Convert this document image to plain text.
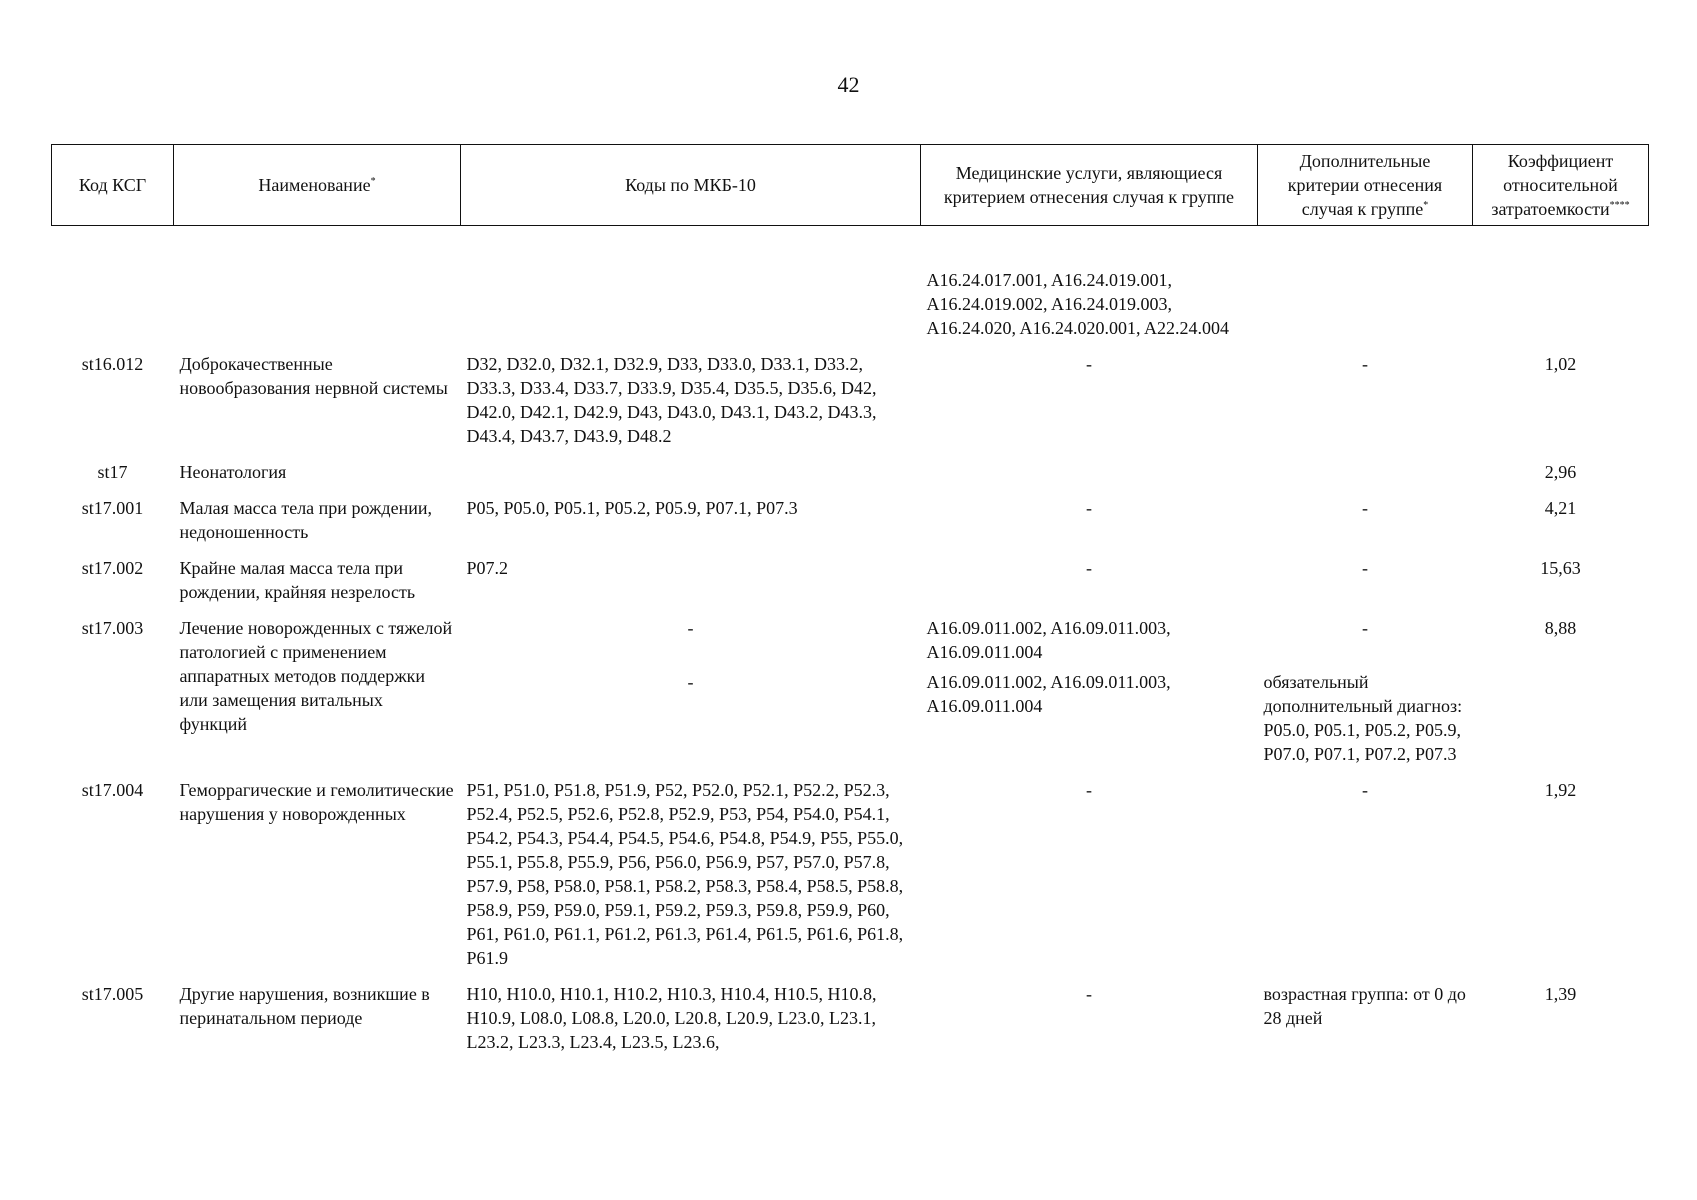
42
Код КСГ	Наименование*	Коды по МКБ-10	Медицинские услуги, являющиеся критерием отнесения случая к группе	Дополнительные критерии отнесения случая к группе*	Коэффициент относительной затратоемкости****

			A16.24.017.001, A16.24.019.001, A16.24.019.002, A16.24.019.003, A16.24.020, A16.24.020.001, A22.24.004		
st16.012	Доброкачественные новообразования нервной системы	D32, D32.0, D32.1, D32.9, D33, D33.0, D33.1, D33.2, D33.3, D33.4, D33.7, D33.9, D35.4, D35.5, D35.6, D42, D42.0, D42.1, D42.9, D43, D43.0, D43.1, D43.2, D43.3, D43.4, D43.7, D43.9, D48.2	-	-	1,02
st17	Неонатология				2,96
st17.001	Малая масса тела при рождении, недоношенность	P05, P05.0, P05.1, P05.2, P05.9, P07.1, P07.3	-	-	4,21
st17.002	Крайне малая масса тела при рождении, крайняя незрелость	P07.2	-	-	15,63
st17.003	Лечение новорожденных с тяжелой патологией с применением аппаратных методов поддержки или замещения витальных функций	-	A16.09.011.002, A16.09.011.003, A16.09.011.004	-	8,88
		-	A16.09.011.002, A16.09.011.003, A16.09.011.004	обязательный дополнительный диагноз: P05.0, P05.1, P05.2, P05.9, P07.0, P07.1, P07.2, P07.3	
st17.004	Геморрагические и гемолитические нарушения у новорожденных	P51, P51.0, P51.8, P51.9, P52, P52.0, P52.1, P52.2, P52.3, P52.4, P52.5, P52.6, P52.8, P52.9, P53, P54, P54.0, P54.1, P54.2, P54.3, P54.4, P54.5, P54.6, P54.8, P54.9, P55, P55.0, P55.1, P55.8, P55.9, P56, P56.0, P56.9, P57, P57.0, P57.8, P57.9, P58, P58.0, P58.1, P58.2, P58.3, P58.4, P58.5, P58.8, P58.9, P59, P59.0, P59.1, P59.2, P59.3, P59.8, P59.9, P60, P61, P61.0, P61.1, P61.2, P61.3, P61.4, P61.5, P61.6, P61.8, P61.9	-	-	1,92
st17.005	Другие нарушения, возникшие в перинатальном периоде	H10, H10.0, H10.1, H10.2, H10.3, H10.4, H10.5, H10.8, H10.9, L08.0, L08.8, L20.0, L20.8, L20.9, L23.0, L23.1, L23.2, L23.3, L23.4, L23.5, L23.6,	-	возрастная группа: от 0 до 28 дней	1,39
